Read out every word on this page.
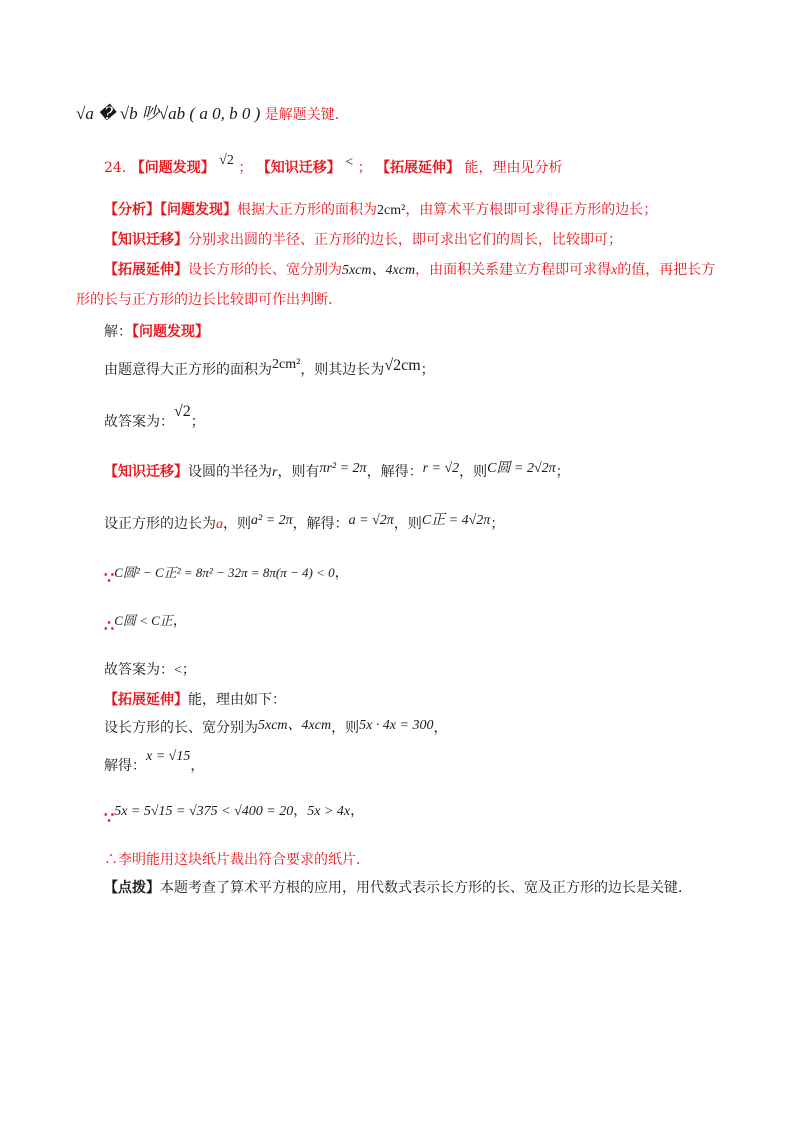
√a � √b 吵√ab ( a 0, b 0 ) 是解题关键.
24. 【问题发现】 √2 ； 【知识迁移】 < ； 【拓展延伸】 能，理由见分析
【分析】【问题发现】根据大正方形的面积为2cm²，由算术平方根即可求得正方形的边长；
【知识迁移】分别求出圆的半径、正方形的边长，即可求出它们的周长，比较即可；
【拓展延伸】设长方形的长、宽分别为5xcm、4xcm，由面积关系建立方程即可求得x的值，再把长方
形的长与正方形的边长比较即可作出判断.
解：【问题发现】
由题意得大正方形的面积为2cm²，则其边长为√2cm；
故答案为：√2；
【知识迁移】设圆的半径为r，则有πr² = 2π，解得：r = √2，则C圆 = 2√2π；
设正方形的边长为a，则a² = 2π，解得：a = √2π，则C正 = 4√2π；
∵C圆² − C正² = 8π² − 32π = 8π(π − 4) < 0，
∴C圆 < C正，
故答案为：<；
【拓展延伸】能，理由如下：
设长方形的长、宽分别为5xcm、4xcm，则5x · 4x = 300，
解得：x = √15，
∵5x = 5√15 = √375 < √400 = 20，5x > 4x，
∴李明能用这块纸片裁出符合要求的纸片.
【点拨】本题考查了算术平方根的应用，用代数式表示长方形的长、宽及正方形的边长是关键.
